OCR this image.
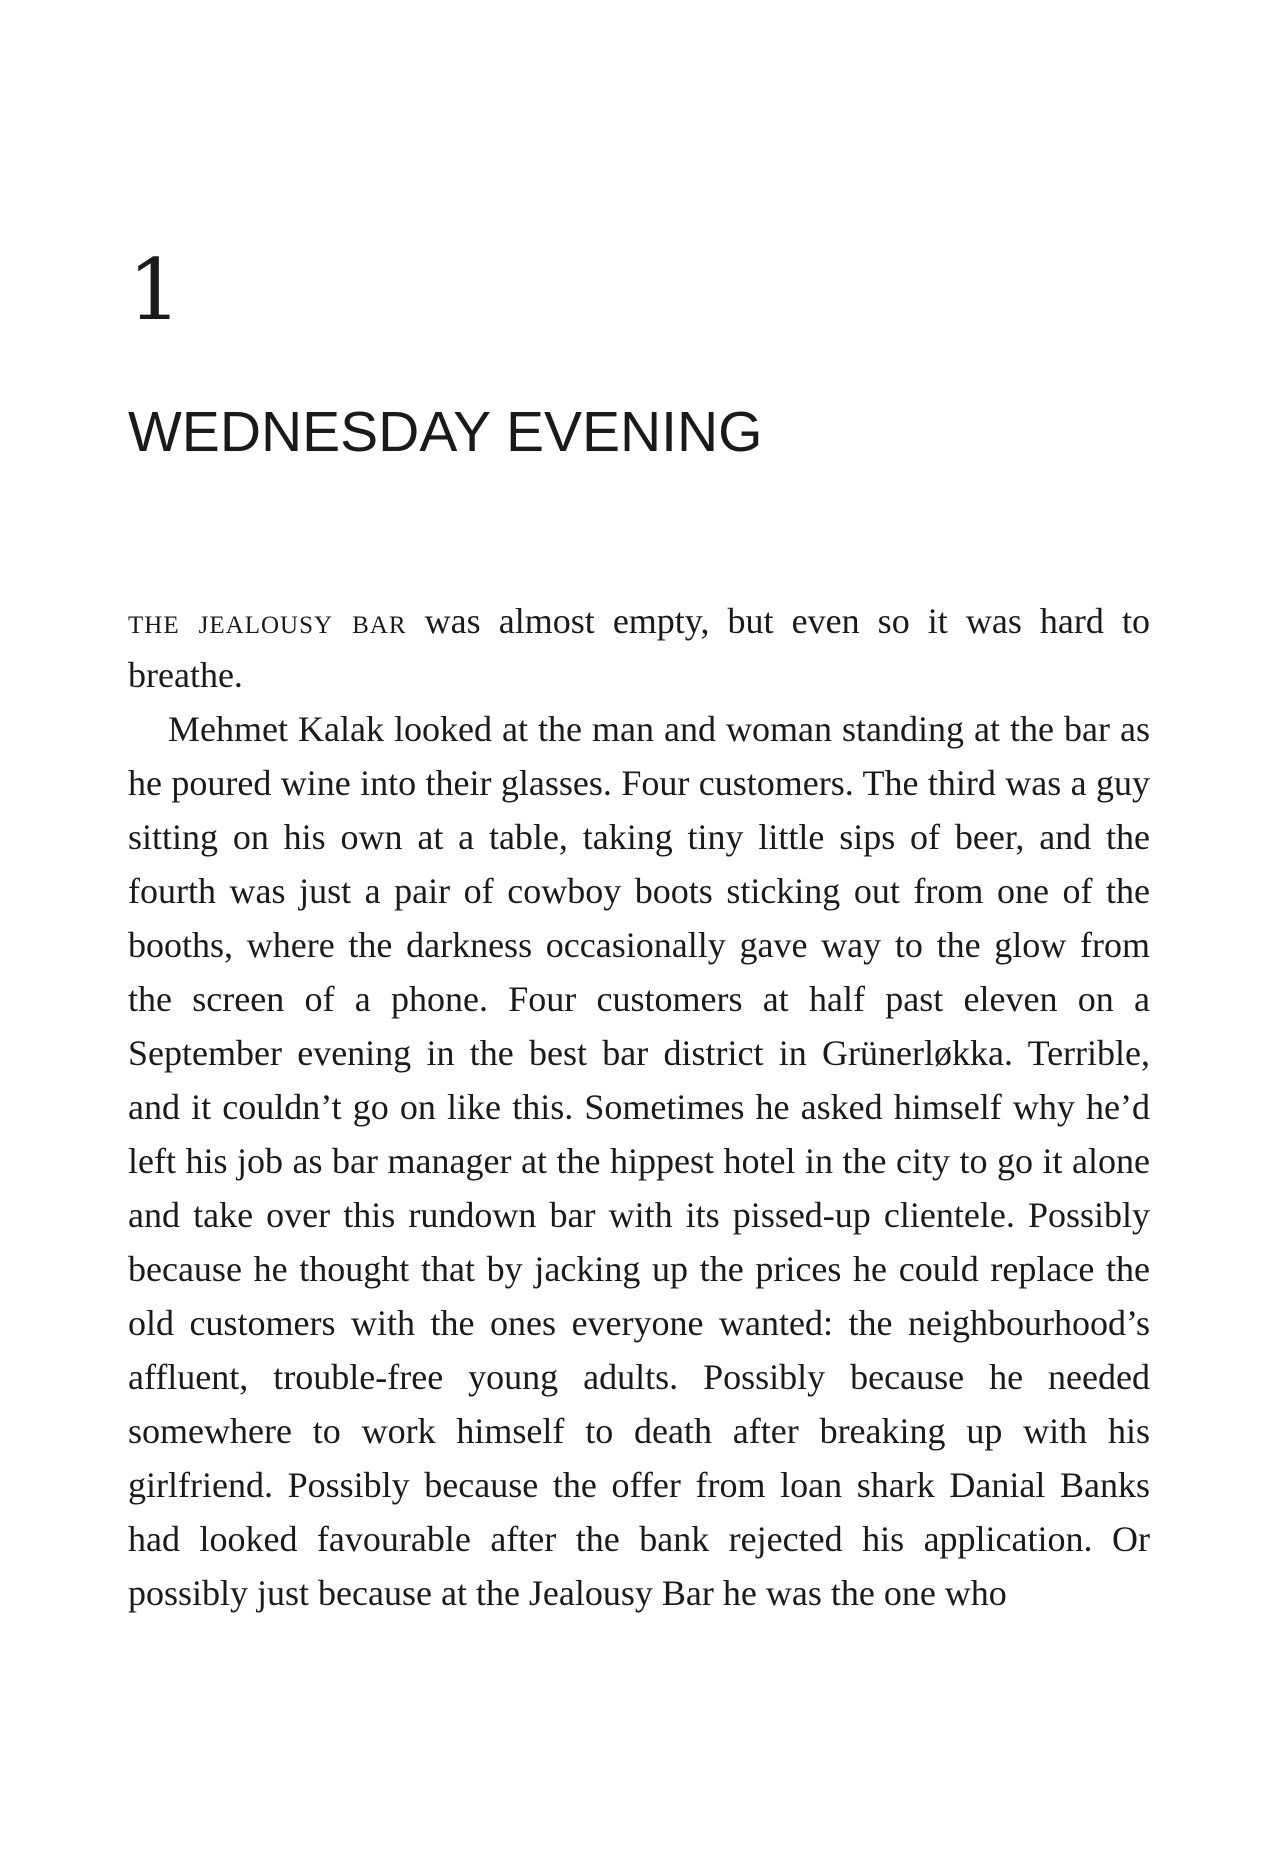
1
WEDNESDAY EVENING

the jealousy bar was almost empty, but even so it was hard to breathe.

Mehmet Kalak looked at the man and woman standing at the bar as he poured wine into their glasses. Four customers. The third was a guy sitting on his own at a table, taking tiny little sips of beer, and the fourth was just a pair of cowboy boots sticking out from one of the booths, where the darkness occasionally gave way to the glow from the screen of a phone. Four customers at half past eleven on a September evening in the best bar district in Grünerløkka. Terrible, and it couldn’t go on like this. Sometimes he asked himself why he’d left his job as bar manager at the hippest hotel in the city to go it alone and take over this rundown bar with its pissed-up clientele. Possibly because he thought that by jacking up the prices he could replace the old customers with the ones everyone wanted: the neighbourhood’s affluent, trouble-free young adults. Possibly because he needed somewhere to work himself to death after breaking up with his girlfriend. Possibly because the offer from loan shark Danial Banks had looked favourable after the bank rejected his application. Or possibly just because at the Jealousy Bar he was the one who
